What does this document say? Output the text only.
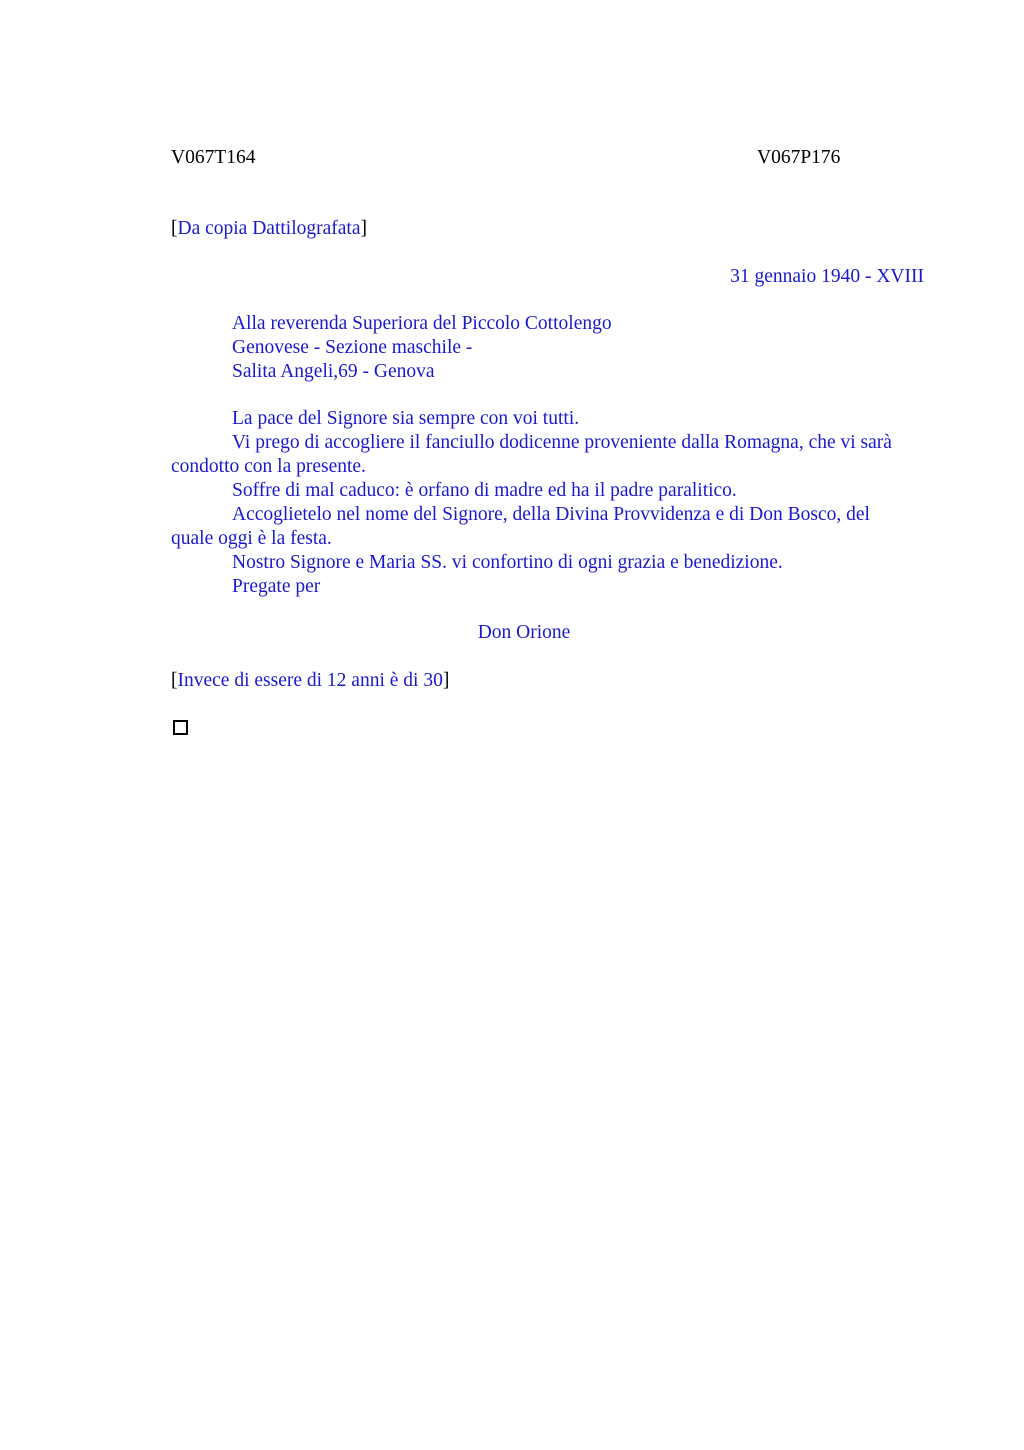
V067T164	V067P176
[Da copia Dattilografata]
31 gennaio 1940 - XVIII
Alla reverenda Superiora del Piccolo Cottolengo
Genovese - Sezione maschile -
Salita Angeli,69 - Genova

La pace del Signore sia sempre con voi tutti.

Vi prego di accogliere il fanciullo dodicenne proveniente dalla Romagna, che vi sarà condotto con la presente.

Soffre di mal caduco: è orfano di madre ed ha il padre paralitico.

Accoglietelo nel nome del Signore, della Divina Provvidenza e di Don Bosco, del quale oggi è la festa.

Nostro Signore e Maria SS. vi confortino di ogni grazia e benedizione.

Pregate per

Don Orione
[Invece di essere di 12 anni è di 30]
